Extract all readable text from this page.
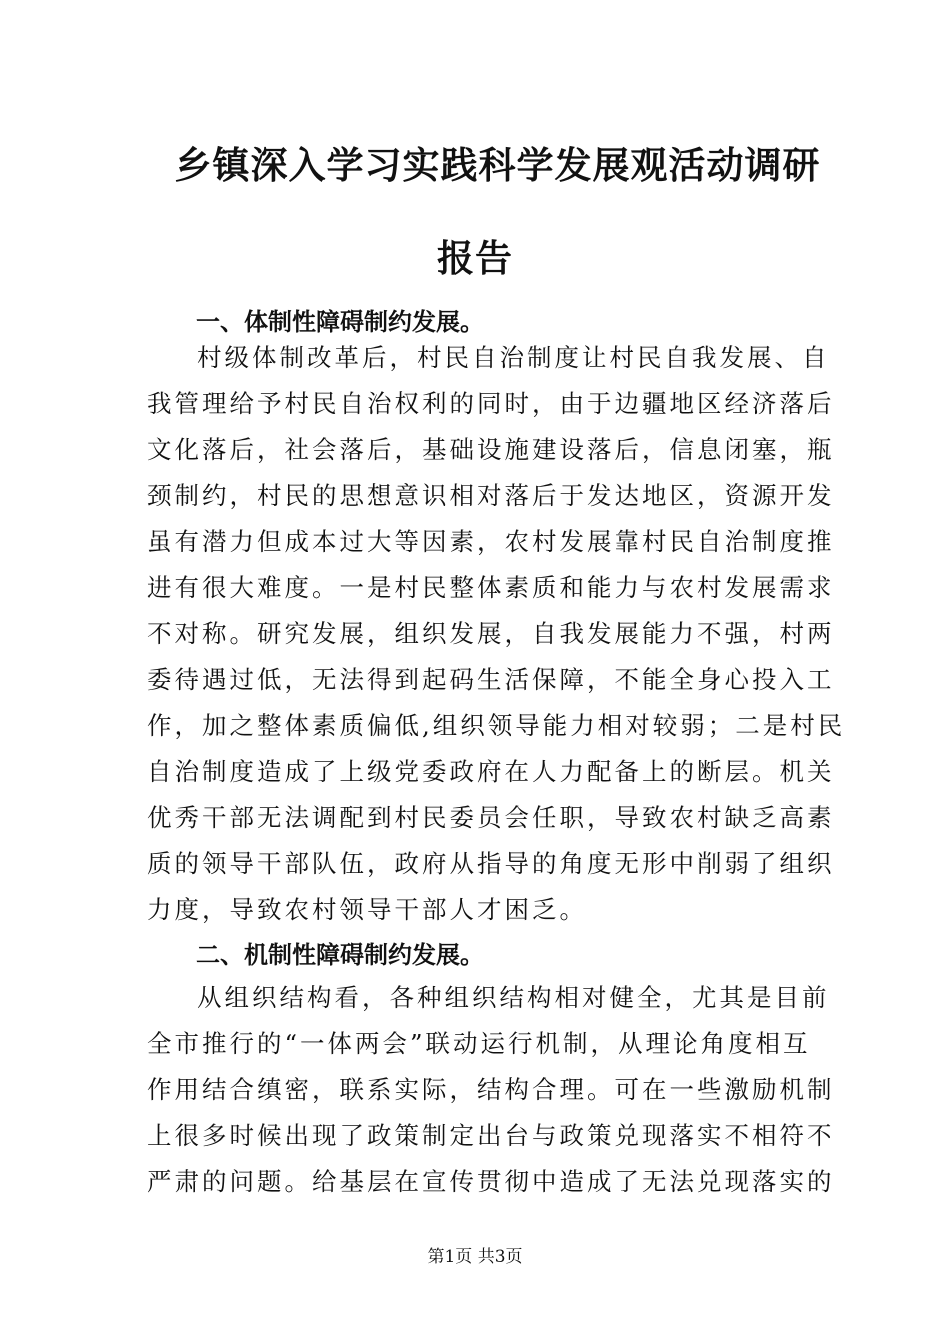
乡镇深入学习实践科学发展观活动调研
报告
一、体制性障碍制约发展。
村级体制改革后，村民自治制度让村民自我发展、自
我管理给予村民自治权利的同时，由于边疆地区经济落后
文化落后，社会落后，基础设施建设落后，信息闭塞，瓶
颈制约，村民的思想意识相对落后于发达地区，资源开发
虽有潜力但成本过大等因素，农村发展靠村民自治制度推
进有很大难度。一是村民整体素质和能力与农村发展需求
不对称。研究发展，组织发展，自我发展能力不强，村两
委待遇过低，无法得到起码生活保障，不能全身心投入工
作，加之整体素质偏低,组织领导能力相对较弱；二是村民
自治制度造成了上级党委政府在人力配备上的断层。机关
优秀干部无法调配到村民委员会任职，导致农村缺乏高素
质的领导干部队伍，政府从指导的角度无形中削弱了组织
力度，导致农村领导干部人才困乏。
二、机制性障碍制约发展。
从组织结构看，各种组织结构相对健全，尤其是目前
全市推行的“一体两会”联动运行机制，从理论角度相互
作用结合缜密，联系实际，结构合理。可在一些激励机制
上很多时候出现了政策制定出台与政策兑现落实不相符不
严肃的问题。给基层在宣传贯彻中造成了无法兑现落实的
第1页 共3页
